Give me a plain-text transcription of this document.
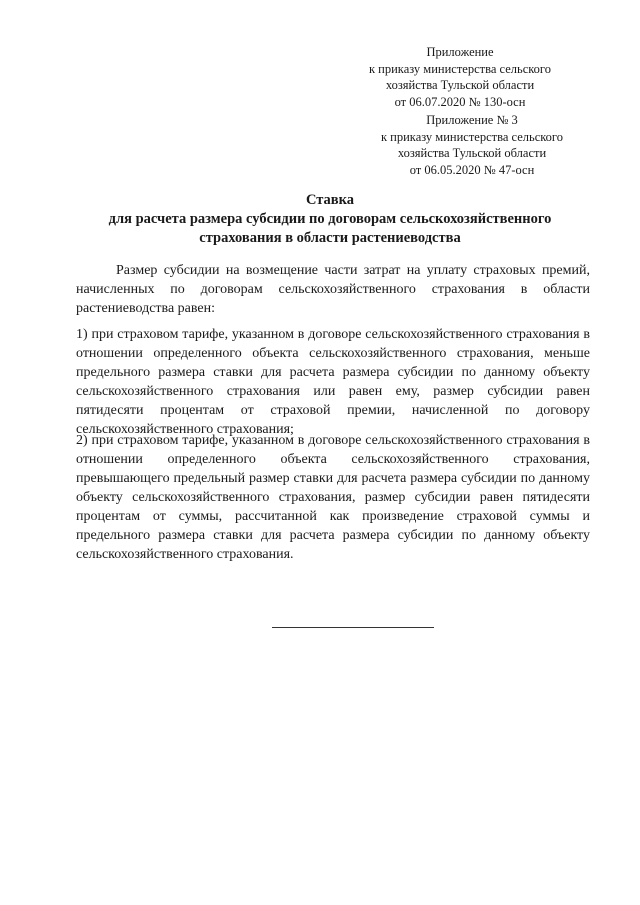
Приложение
к приказу министерства сельского
хозяйства Тульской области
от 06.07.2020 № 130-осн
Приложение № 3
к приказу министерства сельского
хозяйства Тульской области
от 06.05.2020 № 47-осн
Ставка
для расчета размера субсидии по договорам сельскохозяйственного
страхования в области растениеводства

Размер субсидии на возмещение части затрат на уплату страховых премий, начисленных по договорам сельскохозяйственного страхования в области растениеводства равен:

1) при страховом тарифе, указанном в договоре сельскохозяйственного страхования в отношении определенного объекта сельскохозяйственного страхования, меньше предельного размера ставки для расчета размера субсидии по данному объекту сельскохозяйственного страхования или равен ему, размер субсидии равен пятидесяти процентам от страховой премии, начисленной по договору сельскохозяйственного страхования;

2) при страховом тарифе, указанном в договоре сельскохозяйственного страхования в отношении определенного объекта сельскохозяйственного страхования, превышающего предельный размер ставки для расчета размера субсидии по данному объекту сельскохозяйственного страхования, размер субсидии равен пятидесяти процентам от суммы, рассчитанной как произведение страховой суммы и предельного размера ставки для расчета размера субсидии по данному объекту сельскохозяйственного страхования.
